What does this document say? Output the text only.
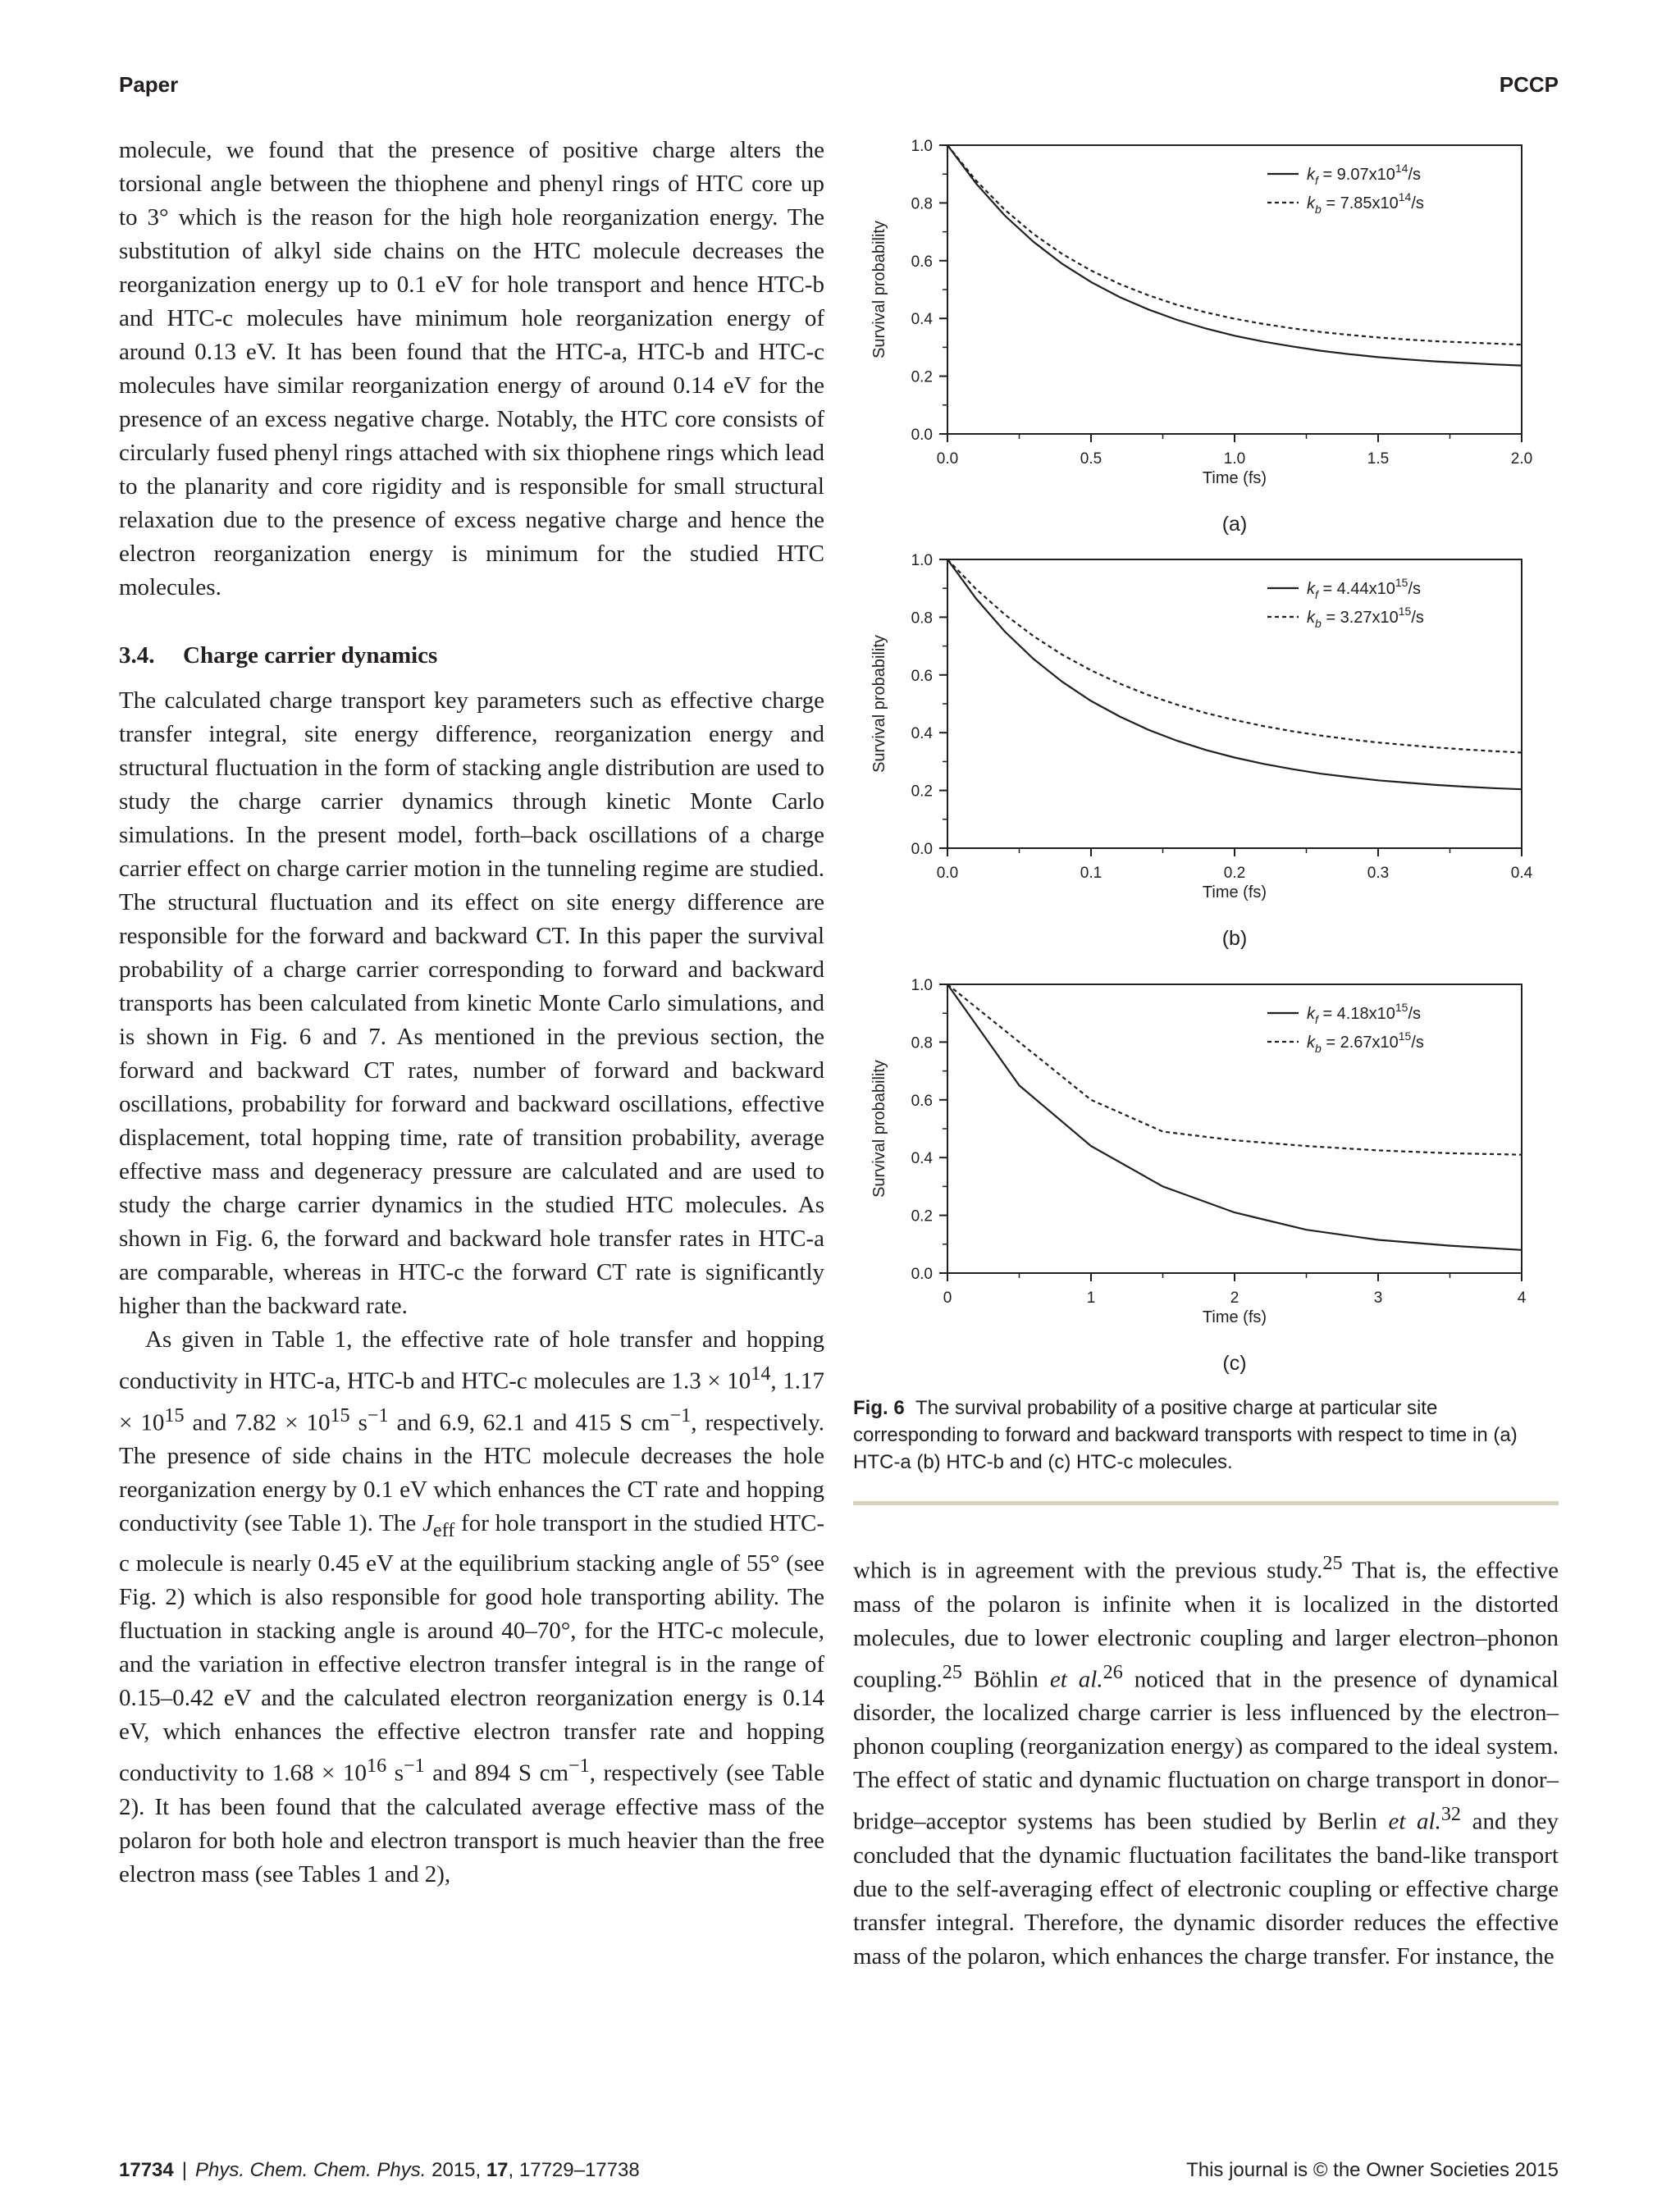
Paper	PCCP

molecule, we found that the presence of positive charge alters the torsional angle between the thiophene and phenyl rings of HTC core up to 3° which is the reason for the high hole reorganization energy. The substitution of alkyl side chains on the HTC molecule decreases the reorganization energy up to 0.1 eV for hole transport and hence HTC-b and HTC-c molecules have minimum hole reorganization energy of around 0.13 eV. It has been found that the HTC-a, HTC-b and HTC-c molecules have similar reorganization energy of around 0.14 eV for the presence of an excess negative charge. Notably, the HTC core consists of circularly fused phenyl rings attached with six thiophene rings which lead to the planarity and core rigidity and is responsible for small structural relaxation due to the presence of excess negative charge and hence the electron reorganization energy is minimum for the studied HTC molecules.

3.4. Charge carrier dynamics

The calculated charge transport key parameters such as effective charge transfer integral, site energy difference, reorganization energy and structural fluctuation in the form of stacking angle distribution are used to study the charge carrier dynamics through kinetic Monte Carlo simulations. In the present model, forth–back oscillations of a charge carrier effect on charge carrier motion in the tunneling regime are studied. The structural fluctuation and its effect on site energy difference are responsible for the forward and backward CT. In this paper the survival probability of a charge carrier corresponding to forward and backward transports has been calculated from kinetic Monte Carlo simulations, and is shown in Fig. 6 and 7. As mentioned in the previous section, the forward and backward CT rates, number of forward and backward oscillations, probability for forward and backward oscillations, effective displacement, total hopping time, rate of transition probability, average effective mass and degeneracy pressure are calculated and are used to study the charge carrier dynamics in the studied HTC molecules. As shown in Fig. 6, the forward and backward hole transfer rates in HTC-a are comparable, whereas in HTC-c the forward CT rate is significantly higher than the backward rate.

As given in Table 1, the effective rate of hole transfer and hopping conductivity in HTC-a, HTC-b and HTC-c molecules are $1.3 \times 10^{14}$, $1.17 \times 10^{15}$ and $7.82 \times 10^{15}$ $s^{-1}$ and 6.9, 62.1 and 415 S $cm^{-1}$, respectively. The presence of side chains in the HTC molecule decreases the hole reorganization energy by 0.1 eV which enhances the CT rate and hopping conductivity (see Table 1). The $J_{eff}$ for hole transport in the studied HTC-c molecule is nearly 0.45 eV at the equilibrium stacking angle of 55° (see Fig. 2) which is also responsible for good hole transporting ability. The fluctuation in stacking angle is around 40–70°, for the HTC-c molecule, and the variation in effective electron transfer integral is in the range of 0.15–0.42 eV and the calculated electron reorganization energy is 0.14 eV, which enhances the effective electron transfer rate and hopping conductivity to $1.68 \times 10^{16}$ $s^{-1}$ and 894 S $cm^{-1}$, respectively (see Table 2). It has been found that the calculated average effective mass of the polaron for both hole and electron transport is much heavier than the free electron mass (see Tables 1 and 2),

0.0
0.2
0.4
0.6
0.8
1.0
0.0	0.5	1.0	1.5	2.0
Time (fs)
Survival probability
$k_f = 9.07x10^{14}/s$
$k_b = 7.85x10^{14}/s$
(a)
0.0
0.2
0.4
0.6
0.8
1.0
0.0	0.1	0.2	0.3	0.4
Time (fs)
Survival probability
$k_f = 4.44x10^{15}/s$
$k_b = 3.27x10^{15}/s$
(b)
0.0
0.2
0.4
0.6
0.8
1.0
0	1	2	3	4
Time (fs)
Survival probability
$k_f = 4.18x10^{15}/s$
$k_b = 2.67x10^{15}/s$
(c)
Fig. 6 The survival probability of a positive charge at particular site corresponding to forward and backward transports with respect to time in (a) HTC-a (b) HTC-b and (c) HTC-c molecules.

which is in agreement with the previous study.$^{25}$ That is, the effective mass of the polaron is infinite when it is localized in the distorted molecules, due to lower electronic coupling and larger electron–phonon coupling.$^{25}$ Böhlin et al.$^{26}$ noticed that in the presence of dynamical disorder, the localized charge carrier is less influenced by the electron–phonon coupling (reorganization energy) as compared to the ideal system. The effect of static and dynamic fluctuation on charge transport in donor–bridge–acceptor systems has been studied by Berlin et al.$^{32}$ and they concluded that the dynamic fluctuation facilitates the band-like transport due to the self-averaging effect of electronic coupling or effective charge transfer integral. Therefore, the dynamic disorder reduces the effective mass of the polaron, which enhances the charge transfer. For instance, the

17734 | Phys. Chem. Chem. Phys. 2015, 17, 17729–17738	This journal is © the Owner Societies 2015
